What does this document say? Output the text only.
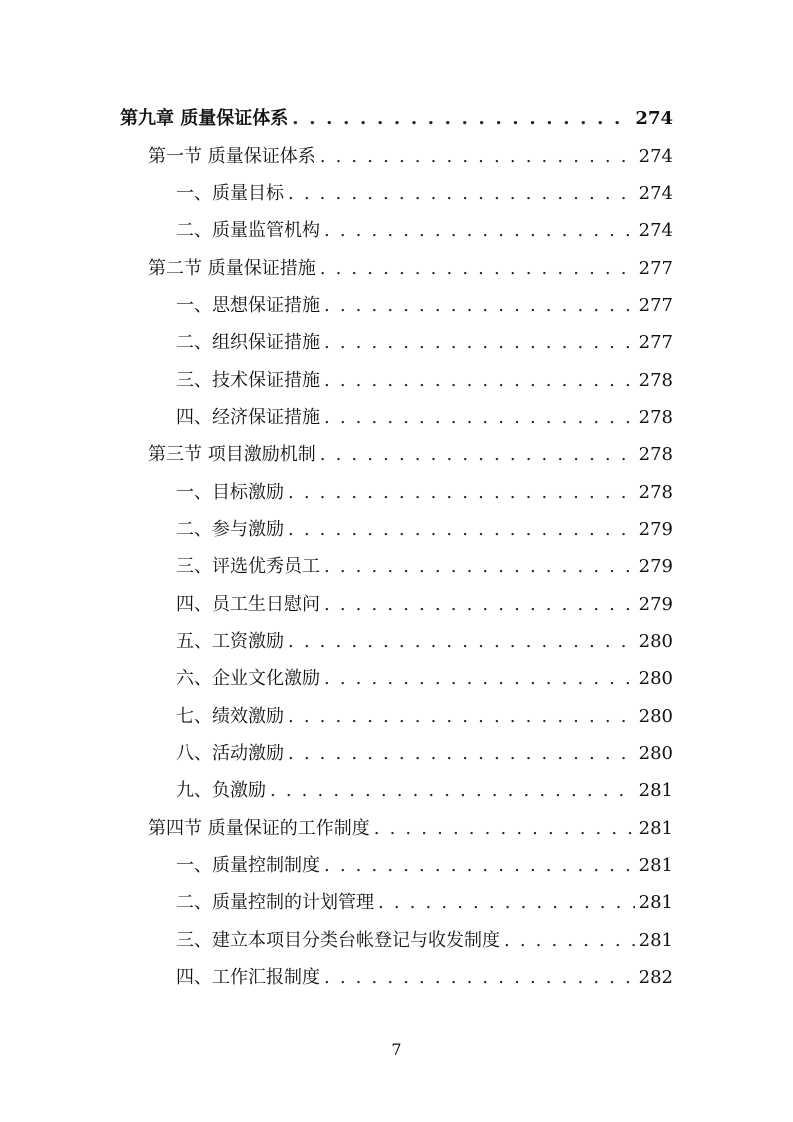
第九章 质量保证体系 . . .	274
第一节 质量保证体系 . . .	274
一、质量目标 . . .	274
二、质量监管机构 . . .	274
第二节 质量保证措施 . . .	277
一、思想保证措施 . . .	277
二、组织保证措施 . . .	277
三、技术保证措施 . . .	278
四、经济保证措施 . . .	278
第三节 项目激励机制 . . .	278
一、目标激励 . . .	278
二、参与激励 . . .	279
三、评选优秀员工 . . .	279
四、员工生日慰问 . . .	279
五、工资激励 . . .	280
六、企业文化激励 . . .	280
七、绩效激励 . . .	280
八、活动激励 . . .	280
九、负激励 . . .	281
第四节 质量保证的工作制度 . . .	281
一、质量控制制度 . . .	281
二、质量控制的计划管理 . . .	281
三、建立本项目分类台帐登记与收发制度 . . .	281
四、工作汇报制度 . . .	282
7
